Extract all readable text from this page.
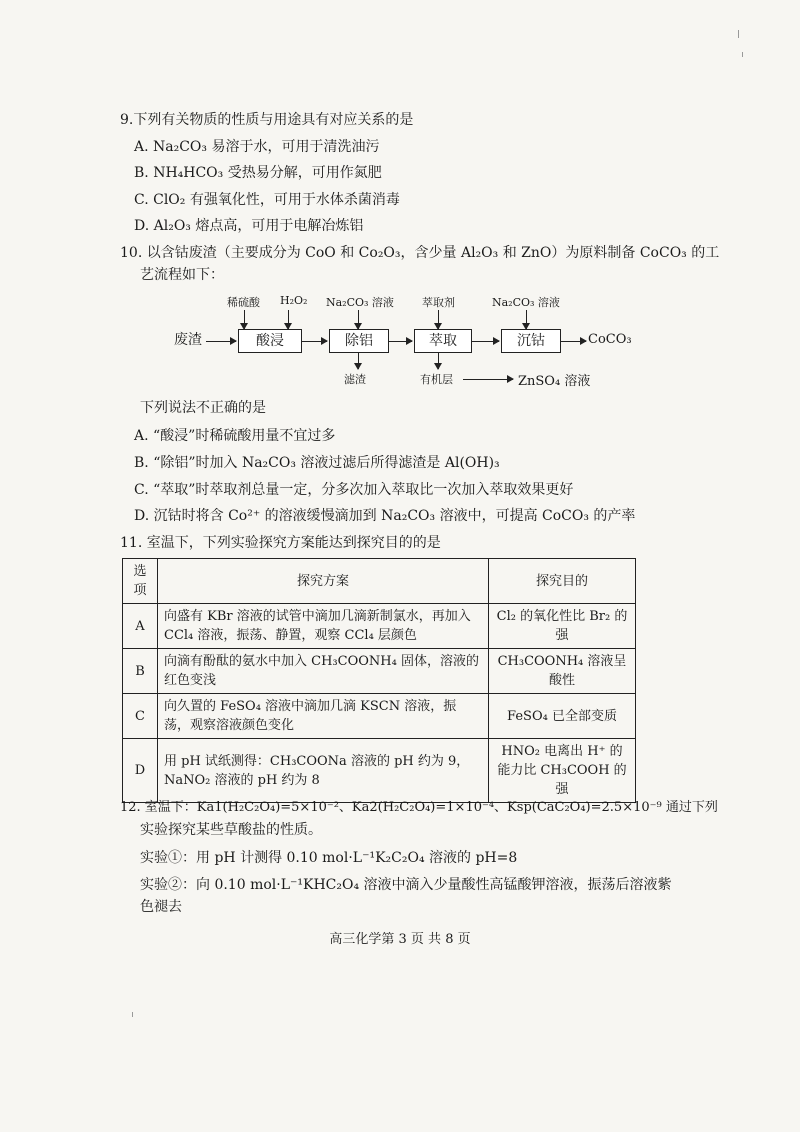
9.下列有关物质的性质与用途具有对应关系的是
A. Na₂CO₃ 易溶于水，可用于清洗油污
B. NH₄HCO₃ 受热易分解，可用作氮肥
C. ClO₂ 有强氧化性，可用于水体杀菌消毒
D. Al₂O₃ 熔点高，可用于电解冶炼铝
10. 以含钴废渣（主要成分为 CoO 和 Co₂O₃，含少量 Al₂O₃ 和 ZnO）为原料制备 CoCO₃ 的工
艺流程如下：
稀硫酸 H₂O₂ Na₂CO₃ 溶液	萃取剂	Na₂CO₃ 溶液
废渣	酸浸	除铝	萃取	沉钴	CoCO₃
滤渣	有机层	ZnSO₄ 溶液
下列说法不正确的是
A. “酸浸”时稀硫酸用量不宜过多
B. “除铝”时加入 Na₂CO₃ 溶液过滤后所得滤渣是 Al(OH)₃
C. “萃取”时萃取剂总量一定，分多次加入萃取比一次加入萃取效果更好
D. 沉钴时将含 Co²⁺ 的溶液缓慢滴加到 Na₂CO₃ 溶液中，可提高 CoCO₃ 的产率
11. 室温下，下列实验探究方案能达到探究目的的是
选项	探究方案	探究目的
A	向盛有 KBr 溶液的试管中滴加几滴新制氯水，再加入 CCl₄ 溶液，振荡、静置，观察 CCl₄ 层颜色	Cl₂ 的氧化性比 Br₂ 的强
B	向滴有酚酞的氨水中加入 CH₃COONH₄ 固体，溶液的红色变浅	CH₃COONH₄ 溶液呈酸性
C	向久置的 FeSO₄ 溶液中滴加几滴 KSCN 溶液，振荡，观察溶液颜色变化	FeSO₄ 已全部变质
D	用 pH 试纸测得：CH₃COONa 溶液的 pH 约为 9，NaNO₂ 溶液的 pH 约为 8	HNO₂ 电离出 H⁺ 的能力比 CH₃COOH 的强
12. 室温下：Ka1(H₂C₂O₄)=5×10⁻²、Ka2(H₂C₂O₄)=1×10⁻⁴、Ksp(CaC₂O₄)=2.5×10⁻⁹ 通过下列
实验探究某些草酸盐的性质。
实验①：用 pH 计测得 0.10 mol·L⁻¹K₂C₂O₄ 溶液的 pH=8
实验②：向 0.10 mol·L⁻¹KHC₂O₄ 溶液中滴入少量酸性高锰酸钾溶液，振荡后溶液紫
色褪去
高三化学第 3 页 共 8 页
